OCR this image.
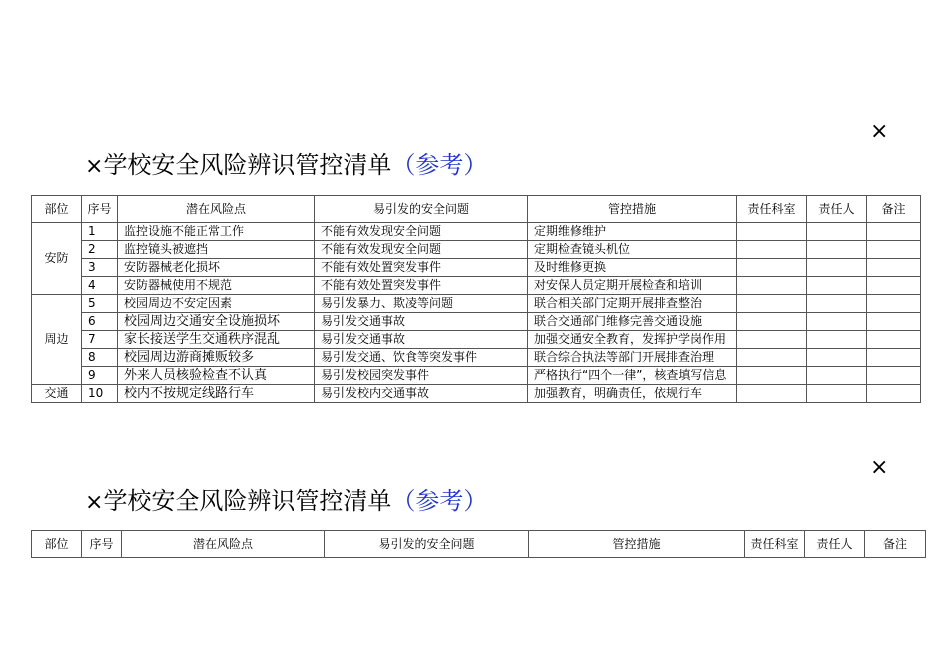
×
×学校安全风险辨识管控清单（参考）
部位	序号	潜在风险点	易引发的安全问题	管控措施	责任科室	责任人	备注
安防	1	监控设施不能正常工作	不能有效发现安全问题	定期维修维护			
	2	监控镜头被遮挡	不能有效发现安全问题	定期检查镜头机位			
	3	安防器械老化损坏	不能有效处置突发事件	及时维修更换			
	4	安防器械使用不规范	不能有效处置突发事件	对安保人员定期开展检查和培训			
周边	5	校园周边不安定因素	易引发暴力、欺凌等问题	联合相关部门定期开展排查整治			
	6	校园周边交通安全设施损坏	易引发交通事故	联合交通部门维修完善交通设施			
	7	家长接送学生交通秩序混乱	易引发交通事故	加强交通安全教育，发挥护学岗作用			
	8	校园周边游商摊贩较多	易引发交通、饮食等突发事件	联合综合执法等部门开展排查治理			
	9	外来人员核验检查不认真	易引发校园突发事件	严格执行“四个一律”，核查填写信息			
交通	10	校内不按规定线路行车	易引发校内交通事故	加强教育，明确责任，依规行车			
×
×学校安全风险辨识管控清单（参考）
部位	序号	潜在风险点	易引发的安全问题	管控措施	责任科室	责任人	备注
